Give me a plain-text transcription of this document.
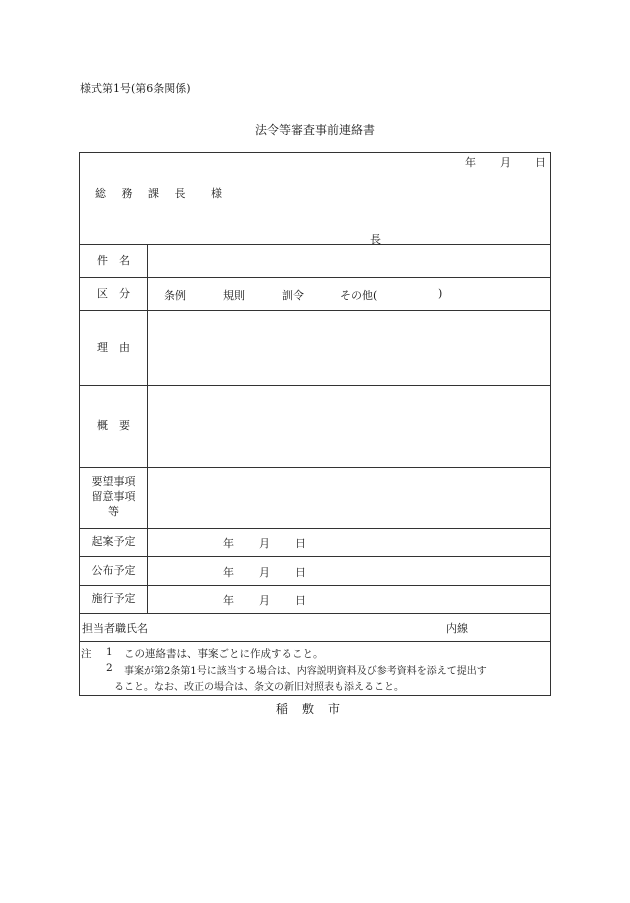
様式第1号(第6条関係)
法令等審査事前連絡書
年 月 日
総 務 課 長 様
長
件　名
区　分	条例	規則	訓令	その他(	)
理　由
概　要
要望事項
留意事項
等
起案予定	年 月 日
公布予定	年 月 日
施行予定	年 月 日
担当者職氏名	内線
注 1 この連絡書は、事案ごとに作成すること。
2 事案が第2条第1号に該当する場合は、内容説明資料及び参考資料を添えて提出す
ること。なお、改正の場合は、条文の新旧対照表も添えること。
稲敷市
